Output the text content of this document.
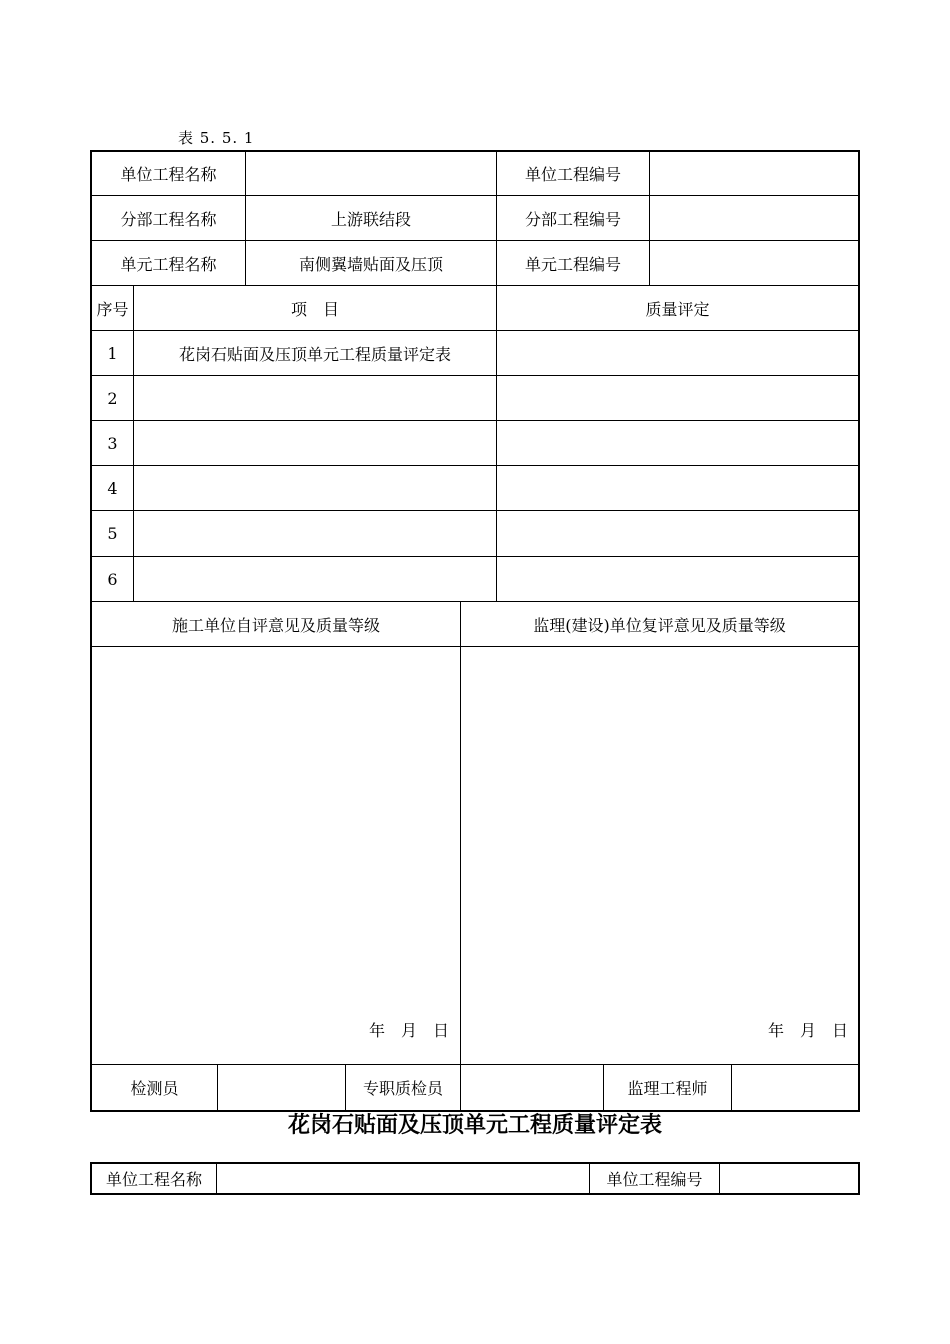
表 5. 5. 1
单位工程名称	单位工程编号
分部工程名称	上游联结段	分部工程编号
单元工程名称	南侧翼墙贴面及压顶	单元工程编号
序号	项　目	质量评定
1	花岗石贴面及压顶单元工程质量评定表
2
3
4
5
6
施工单位自评意见及质量等级	监理(建设)单位复评意见及质量等级
年　月　日	年　月　日
检测员	专职质检员	监理工程师
花岗石贴面及压顶单元工程质量评定表
单位工程名称	单位工程编号
